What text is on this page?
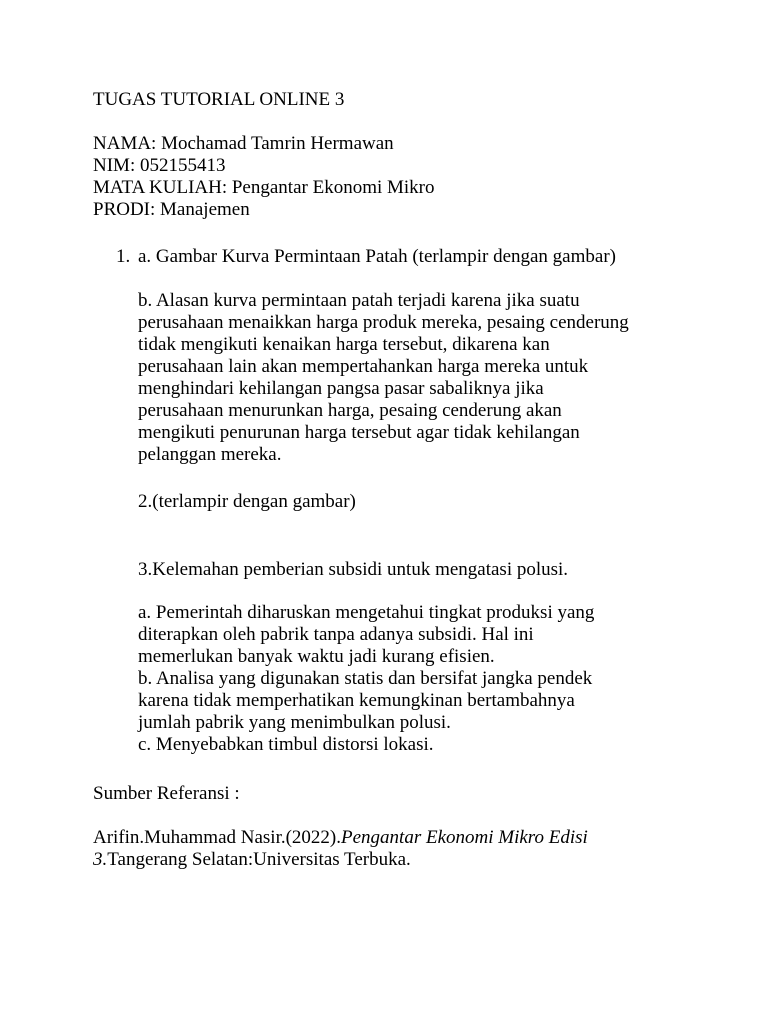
TUGAS TUTORIAL ONLINE 3
NAMA: Mochamad Tamrin Hermawan
NIM: 052155413
MATA KULIAH: Pengantar Ekonomi Mikro
PRODI: Manajemen
1. a. Gambar Kurva Permintaan Patah (terlampir dengan gambar)
b. Alasan kurva permintaan patah terjadi karena jika suatu
perusahaan menaikkan harga produk mereka, pesaing cenderung
tidak mengikuti kenaikan harga tersebut, dikarena kan
perusahaan lain akan mempertahankan harga mereka untuk
menghindari kehilangan pangsa pasar sabaliknya jika
perusahaan menurunkan harga, pesaing cenderung akan
mengikuti penurunan harga tersebut agar tidak kehilangan
pelanggan mereka.
2.(terlampir dengan gambar)
3.Kelemahan pemberian subsidi untuk mengatasi polusi.
a. Pemerintah diharuskan mengetahui tingkat produksi yang
diterapkan oleh pabrik tanpa adanya subsidi. Hal ini
memerlukan banyak waktu jadi kurang efisien.
b. Analisa yang digunakan statis dan bersifat jangka pendek
karena tidak memperhatikan kemungkinan bertambahnya
jumlah pabrik yang menimbulkan polusi.
c. Menyebabkan timbul distorsi lokasi.
Sumber Referansi :
Arifin.Muhammad Nasir.(2022).Pengantar Ekonomi Mikro Edisi
3.Tangerang Selatan:Universitas Terbuka.
